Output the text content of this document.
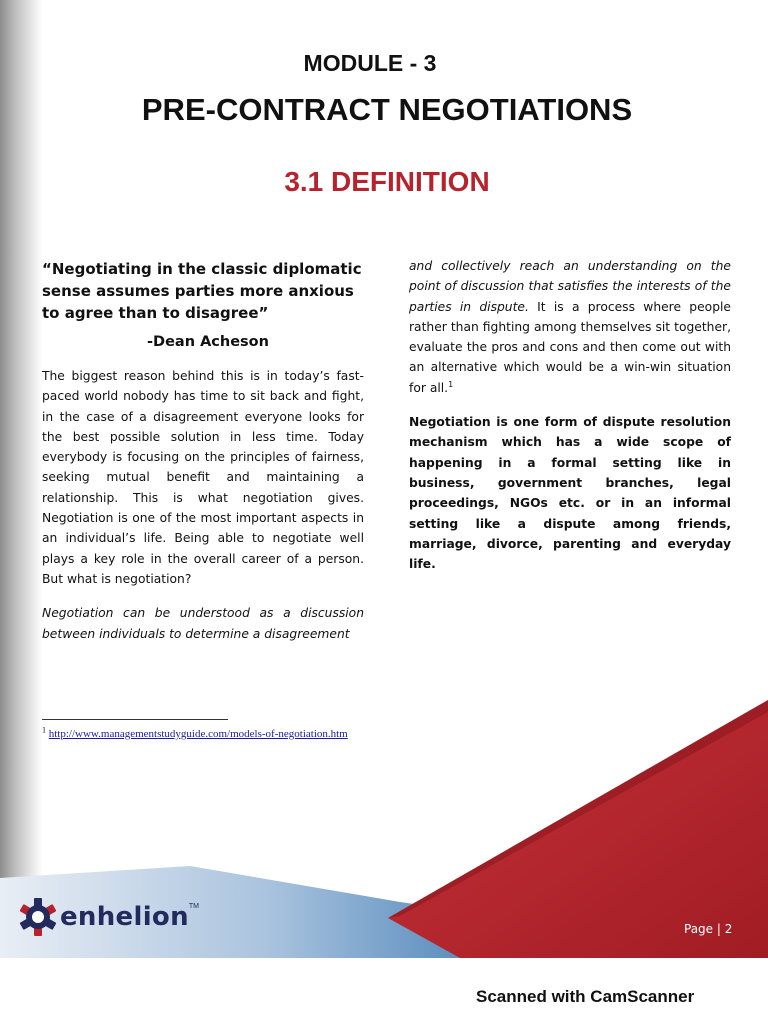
MODULE - 3
PRE-CONTRACT NEGOTIATIONS
3.1 DEFINITION

“Negotiating in the classic diplomatic sense assumes parties more anxious to agree than to disagree”

-Dean Acheson

The biggest reason behind this is in today’s fast-paced world nobody has time to sit back and fight, in the case of a disagreement everyone looks for the best possible solution in less time. Today everybody is focusing on the principles of fairness, seeking mutual benefit and maintaining a relationship. This is what negotiation gives. Negotiation is one of the most important aspects in an individual’s life. Being able to negotiate well plays a key role in the overall career of a person. But what is negotiation?

Negotiation can be understood as a discussion between individuals to determine a disagreement

and collectively reach an understanding on the point of discussion that satisfies the interests of the parties in dispute. It is a process where people rather than fighting among themselves sit together, evaluate the pros and cons and then come out with an alternative which would be a win-win situation for all.$^1$

Negotiation is one form of dispute resolution mechanism which has a wide scope of happening in a formal setting like in business, government branches, legal proceedings, NGOs etc. or in an informal setting like a dispute among friends, marriage, divorce, parenting and everyday life.

$^1$ http://www.managementstudyguide.com/models-of-negotiation.htm
enhelion TM
Page | 2
Scanned with CamScanner
